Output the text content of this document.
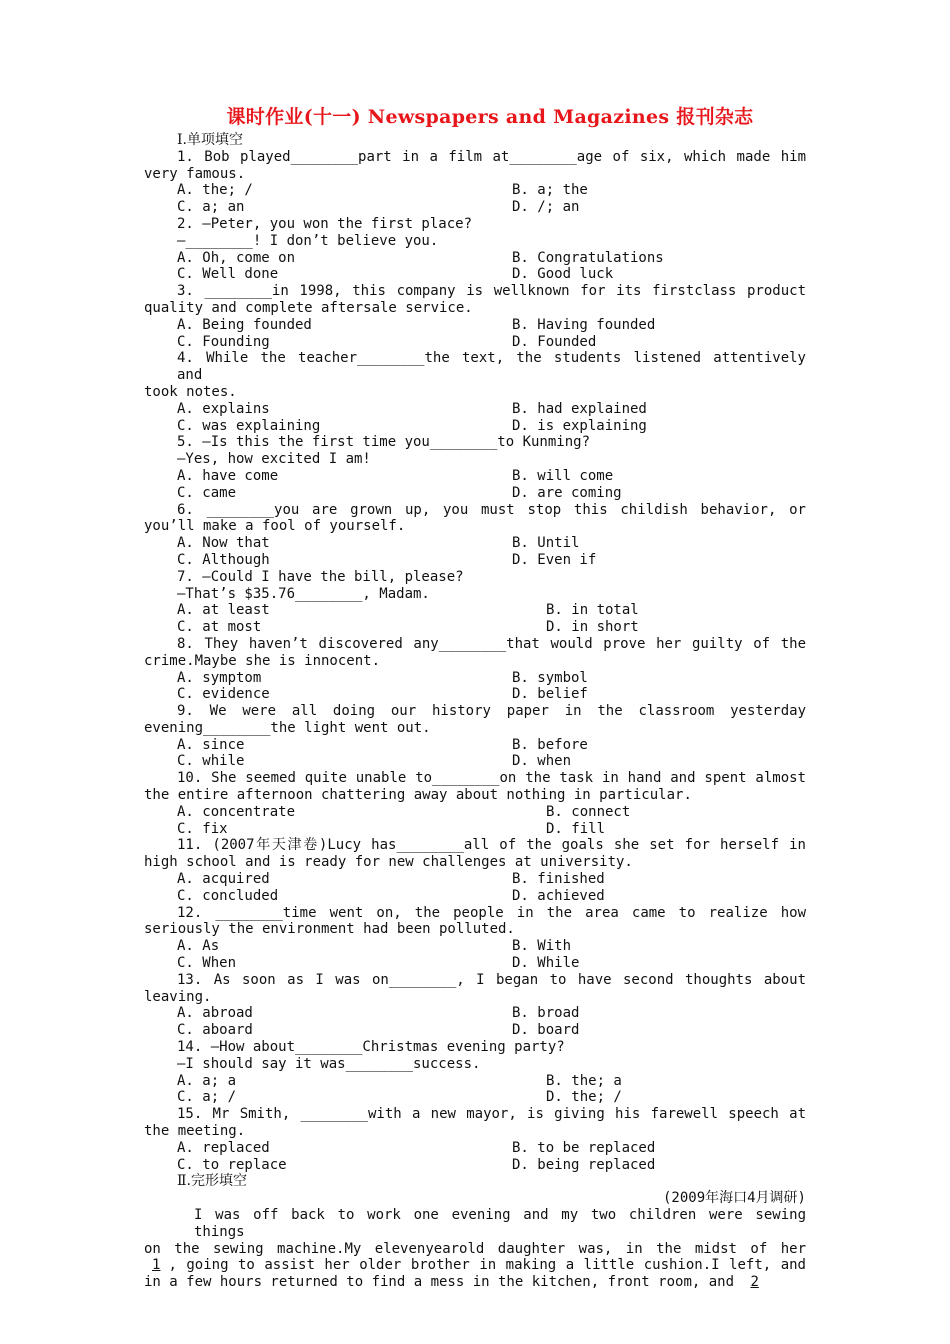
课时作业(十一) Newspapers and Magazines 报刊杂志
Ⅰ.单项填空
1. Bob played________part in a film at________age of six, which made him
very famous.
A. the; /	B. a; the
C. a; an	D. /; an
2. —Peter, you won the first place?
—________! I don’t believe you.
A. Oh, come on	B. Congratulations
C. Well done	D. Good luck
3. ________in 1998, this company is wellknown for its firstclass product
quality and complete aftersale service.
A. Being founded	B. Having founded
C. Founding	D. Founded
4. While the teacher________the text, the students listened attentively and
took notes.
A. explains	B. had explained
C. was explaining	D. is explaining
5. —Is this the first time you________to Kunming?
—Yes, how excited I am!
A. have come	B. will come
C. came	D. are coming
6. ________you are grown up, you must stop this childish behavior, or
you’ll make a fool of yourself.
A. Now that	B. Until
C. Although	D. Even if
7. —Could I have the bill, please?
—That’s $35.76________, Madam.
A. at least	B. in total
C. at most	D. in short
8. They haven’t discovered any________that would prove her guilty of the
crime.Maybe she is innocent.
A. symptom	B. symbol
C. evidence	D. belief
9. We were all doing our history paper in the classroom yesterday
evening________the light went out.
A. since	B. before
C. while	D. when
10. She seemed quite unable to________on the task in hand and spent almost
the entire afternoon chattering away about nothing in particular.
A. concentrate	B. connect
C. fix	D. fill
11. (2007年天津卷)Lucy has________all of the goals she set for herself in
high school and is ready for new challenges at university.
A. acquired	B. finished
C. concluded	D. achieved
12. ________time went on, the people in the area came to realize how
seriously the environment had been polluted.
A. As	B. With
C. When	D. While
13. As soon as I was on________, I began to have second thoughts about
leaving.
A. abroad	B. broad
C. aboard	D. board
14. —How about________Christmas evening party?
—I should say it was________success.
A. a; a	B. the; a
C. a; /	D. the; /
15. Mr Smith, ________with a new mayor, is giving his farewell speech at
the meeting.
A. replaced	B. to be replaced
C. to replace	D. being replaced
Ⅱ.完形填空
(2009年海口4月调研)
I was off back to work one evening and my two children were sewing things
on the sewing machine.My elevenyearold daughter was, in the midst of her
1 , going to assist her older brother in making a little cushion.I left, and
in a few hours returned to find a mess in the kitchen, front room, and 2
